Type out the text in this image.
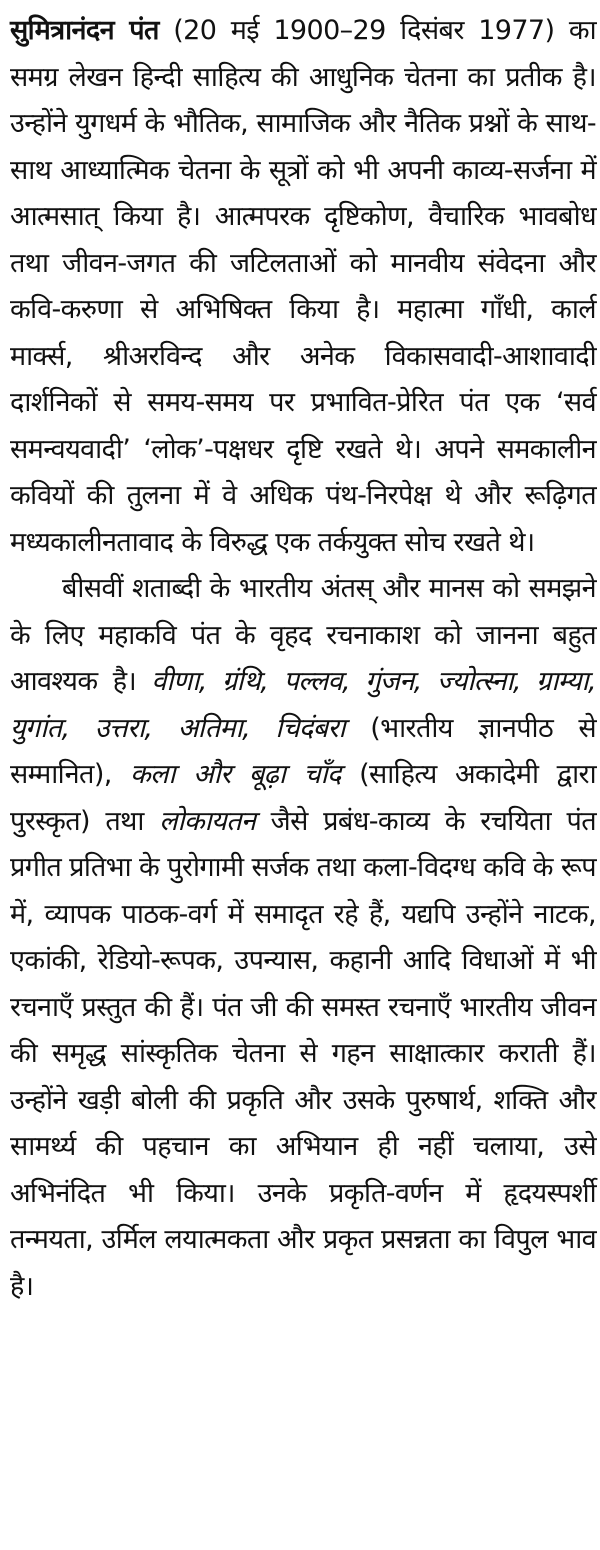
सुमित्रानंदन पंत (20 मई 1900–29 दिसंबर 1977) का समग्र लेखन हिन्दी साहित्य की आधुनिक चेतना का प्रतीक है। उन्होंने युगधर्म के भौतिक, सामाजिक और नैतिक प्रश्नों के साथ-साथ आध्यात्मिक चेतना के सूत्रों को भी अपनी काव्य-सर्जना में आत्मसात् किया है। आत्मपरक दृष्टिकोण, वैचारिक भावबोध तथा जीवन-जगत की जटिलताओं को मानवीय संवेदना और कवि-करुणा से अभिषिक्त किया है। महात्मा गाँधी, कार्ल मार्क्स, श्रीअरविन्द और अनेक विकासवादी-आशावादी दार्शनिकों से समय-समय पर प्रभावित-प्रेरित पंत एक ‘सर्व समन्वयवादी’ ‘लोक’-पक्षधर दृष्टि रखते थे। अपने समकालीन कवियों की तुलना में वे अधिक पंथ-निरपेक्ष थे और रूढ़िगत मध्यकालीनतावाद के विरुद्ध एक तर्कयुक्त सोच रखते थे।

बीसवीं शताब्दी के भारतीय अंतस् और मानस को समझने के लिए महाकवि पंत के वृहद रचनाकाश को जानना बहुत आवश्यक है। वीणा, ग्रंथि, पल्लव, गुंजन, ज्योत्स्ना, ग्राम्या, युगांत, उत्तरा, अतिमा, चिदंबरा (भारतीय ज्ञानपीठ से सम्मानित), कला और बूढ़ा चाँद (साहित्य अकादेमी द्वारा पुरस्कृत) तथा लोकायतन जैसे प्रबंध-काव्य के रचयिता पंत प्रगीत प्रतिभा के पुरोगामी सर्जक तथा कला-विदग्ध कवि के रूप में, व्यापक पाठक-वर्ग में समादृत रहे हैं, यद्यपि उन्होंने नाटक, एकांकी, रेडियो-रूपक, उपन्यास, कहानी आदि विधाओं में भी रचनाएँ प्रस्तुत की हैं। पंत जी की समस्त रचनाएँ भारतीय जीवन की समृद्ध सांस्कृतिक चेतना से गहन साक्षात्कार कराती हैं। उन्होंने खड़ी बोली की प्रकृति और उसके पुरुषार्थ, शक्ति और सामर्थ्य की पहचान का अभियान ही नहीं चलाया, उसे अभिनंदित भी किया। उनके प्रकृति-वर्णन में हृदयस्पर्शी तन्मयता, उर्मिल लयात्मकता और प्रकृत प्रसन्नता का विपुल भाव है।
